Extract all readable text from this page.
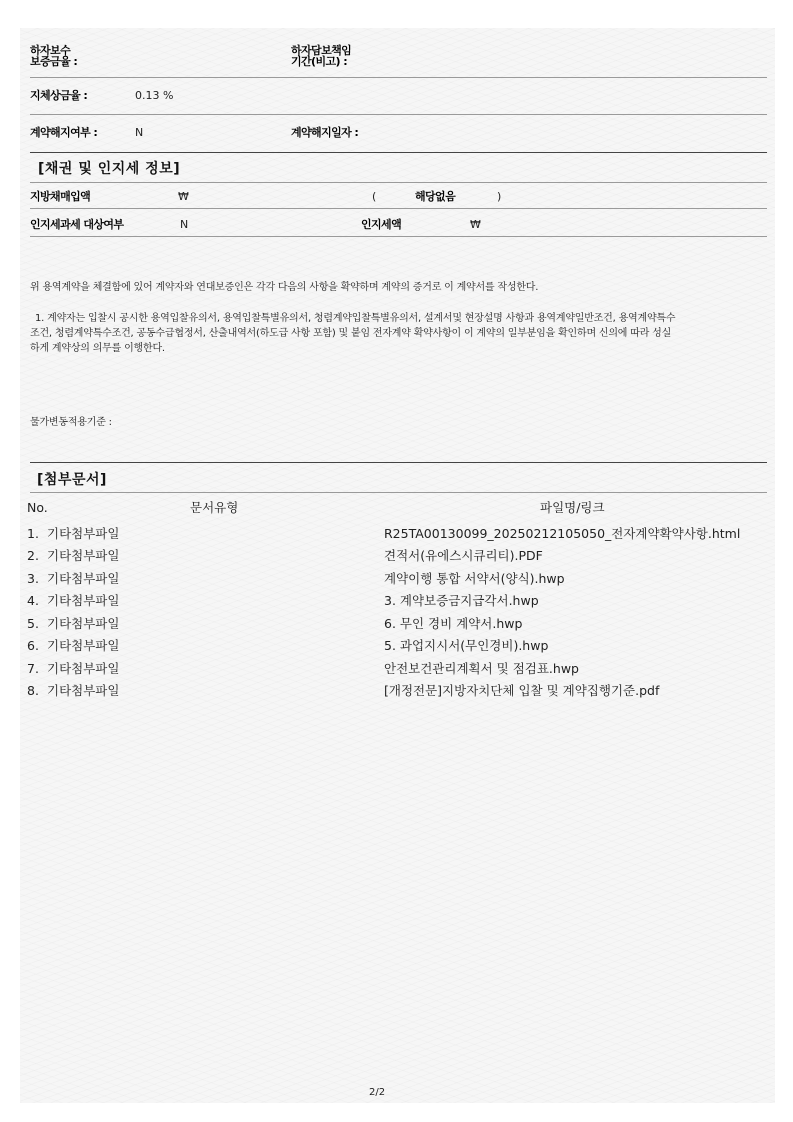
하자보수
보증금율 :
하자담보책임
기간(비고) :
지체상금율 :	0.13 %
계약해지여부 :	N	계약해지일자 :
[채권 및 인지세 정보]
지방채매입액	₩	(	해당없음	)
인지세과세 대상여부	N	인지세액	₩
위 용역계약을 체결함에 있어 계약자와 연대보증인은 각각 다음의 사항을 확약하며 계약의 증거로 이 계약서를 작성한다.
1. 계약자는 입찰시 공시한 용역입찰유의서, 용역입찰특별유의서, 청렴계약입찰특별유의서, 설계서및 현장설명 사항과 용역계약일반조건, 용역계약특수
조건, 청렴계약특수조건, 공동수급협정서, 산출내역서(하도급 사항 포함) 및 붙임 전자계약 확약사항이 이 계약의 일부분임을 확인하며 신의에 따라 성실
하게 계약상의 의무를 이행한다.
물가변동적용기준 :
[첨부문서]
No.	문서유형	파일명/링크
1. 기타첨부파일	R25TA00130099_20250212105050_전자계약확약사항.html
2. 기타첨부파일	견적서(유에스시큐리티).PDF
3. 기타첨부파일	계약이행 통합 서약서(양식).hwp
4. 기타첨부파일	3. 계약보증금지급각서.hwp
5. 기타첨부파일	6. 무인 경비 계약서.hwp
6. 기타첨부파일	5. 과업지시서(무인경비).hwp
7. 기타첨부파일	안전보건관리계획서 및 점검표.hwp
8. 기타첨부파일	[개정전문]지방자치단체 입찰 및 계약집행기준.pdf
2/2
